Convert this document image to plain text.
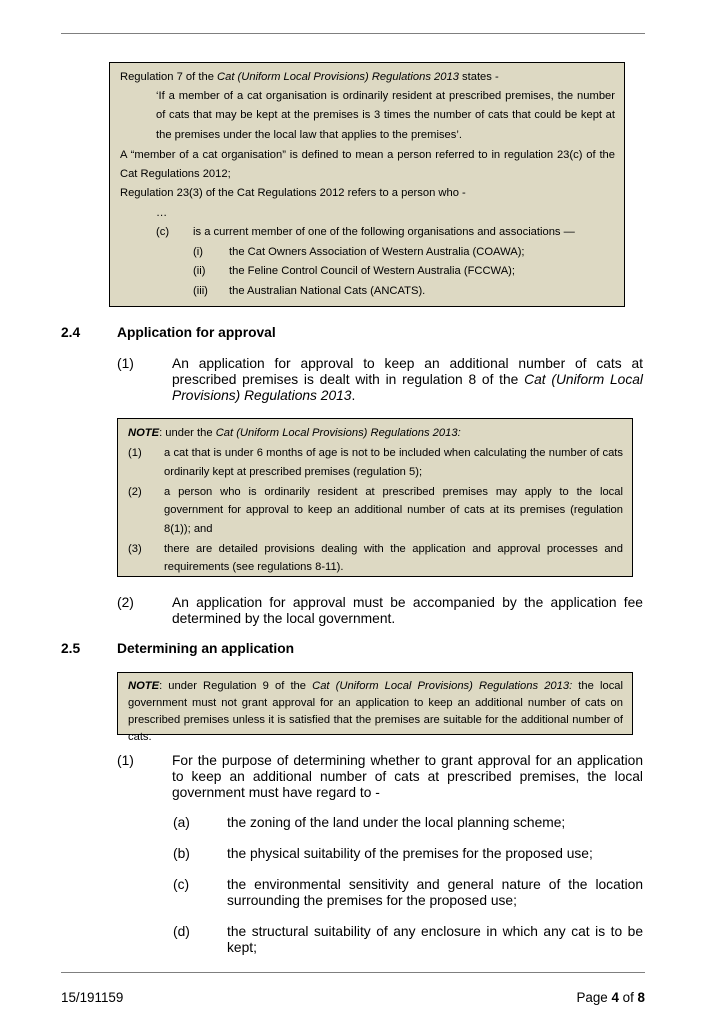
Regulation 7 of the Cat (Uniform Local Provisions) Regulations 2013 states -

‘If a member of a cat organisation is ordinarily resident at prescribed premises, the number of cats that may be kept at the premises is 3 times the number of cats that could be kept at the premises under the local law that applies to the premises’.

A “member of a cat organisation” is defined to mean a person referred to in regulation 23(c) of the Cat Regulations 2012;

Regulation 23(3) of the Cat Regulations 2012 refers to a person who -

…

(c) is a current member of one of the following organisations and associations —
(i) the Cat Owners Association of Western Australia (COAWA);
(ii) the Feline Control Council of Western Australia (FCCWA);
(iii) the Australian National Cats (ANCATS).
2.4	Application for approval
(1)	An application for approval to keep an additional number of cats at prescribed premises is dealt with in regulation 8 of the Cat (Uniform Local Provisions) Regulations 2013.

NOTE: under the Cat (Uniform Local Provisions) Regulations 2013:

(1) a cat that is under 6 months of age is not to be included when calculating the number of cats ordinarily kept at prescribed premises (regulation 5);
(2) a person who is ordinarily resident at prescribed premises may apply to the local government for approval to keep an additional number of cats at its premises (regulation 8(1)); and
(3) there are detailed provisions dealing with the application and approval processes and requirements (see regulations 8-11).
(2)	An application for approval must be accompanied by the application fee determined by the local government.
2.5	Determining an application

NOTE: under Regulation 9 of the Cat (Uniform Local Provisions) Regulations 2013: the local government must not grant approval for an application to keep an additional number of cats on prescribed premises unless it is satisfied that the premises are suitable for the additional number of cats.

(1)	For the purpose of determining whether to grant approval for an application to keep an additional number of cats at prescribed premises, the local government must have regard to -
(a)	the zoning of the land under the local planning scheme;
(b)	the physical suitability of the premises for the proposed use;
(c)	the environmental sensitivity and general nature of the location surrounding the premises for the proposed use;
(d)	the structural suitability of any enclosure in which any cat is to be kept;
15/191159	Page 4 of 8
